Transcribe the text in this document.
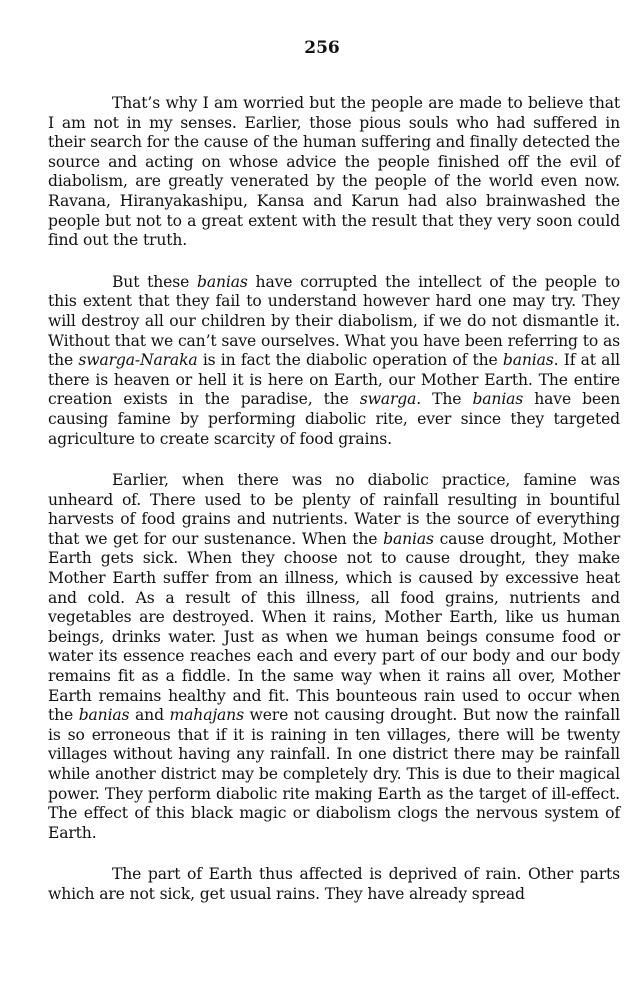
256

That’s why I am worried but the people are made to believe that I am not in my senses. Earlier, those pious souls who had suffered in their search for the cause of the human suffering and finally detected the source and acting on whose advice the people finished off the evil of diabolism, are greatly venerated by the people of the world even now. Ravana, Hiranyakashipu, Kansa and Karun had also brainwashed the people but not to a great extent with the result that they very soon could find out the truth.

But these banias have corrupted the intellect of the people to this extent that they fail to understand however hard one may try. They will destroy all our children by their diabolism, if we do not dismantle it. Without that we can’t save ourselves. What you have been referring to as the swarga-Naraka is in fact the diabolic operation of the banias. If at all there is heaven or hell it is here on Earth, our Mother Earth. The entire creation exists in the paradise, the swarga. The banias have been causing famine by performing diabolic rite, ever since they targeted agriculture to create scarcity of food grains.

Earlier, when there was no diabolic practice, famine was unheard of. There used to be plenty of rainfall resulting in bountiful harvests of food grains and nutrients. Water is the source of everything that we get for our sustenance. When the banias cause drought, Mother Earth gets sick. When they choose not to cause drought, they make Mother Earth suffer from an illness, which is caused by excessive heat and cold. As a result of this illness, all food grains, nutrients and vegetables are destroyed. When it rains, Mother Earth, like us human beings, drinks water. Just as when we human beings consume food or water its essence reaches each and every part of our body and our body remains fit as a fiddle. In the same way when it rains all over, Mother Earth remains healthy and fit. This bounteous rain used to occur when the banias and mahajans were not causing drought. But now the rainfall is so erroneous that if it is raining in ten villages, there will be twenty villages without having any rainfall. In one district there may be rainfall while another district may be completely dry. This is due to their magical power. They perform diabolic rite making Earth as the target of ill-effect. The effect of this black magic or diabolism clogs the nervous system of Earth.

The part of Earth thus affected is deprived of rain. Other parts which are not sick, get usual rains. They have already spread
